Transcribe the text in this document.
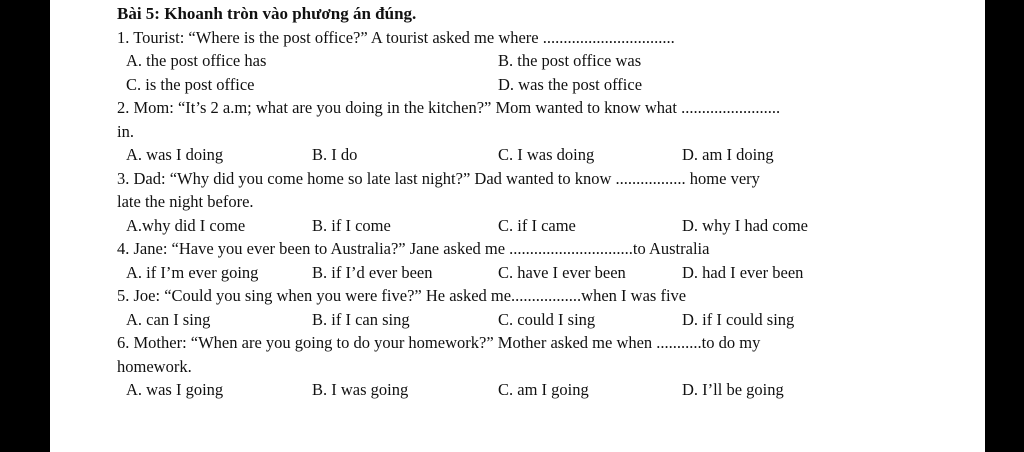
Bài 5: Khoanh tròn vào phương án đúng.
1. Tourist: “Where is the post office?” A tourist asked me where ................................
A. the post office has	B. the post office was
C. is the post office	D. was the post office
2. Mom: “It’s 2 a.m; what are you doing in the kitchen?” Mom wanted to know what ........................
in.
A. was I doing	B. I do	C. I was doing	D. am I doing
3. Dad: “Why did you come home so late last night?” Dad wanted to know ................. home very
late the night before.
A.why did I come	B. if I come	C. if I came	D. why I had come
4. Jane: “Have you ever been to Australia?” Jane asked me ..............................to Australia
A. if I’m ever going	B. if I’d ever been	C. have I ever been	D. had I ever been
5. Joe: “Could you sing when you were five?” He asked me.................when I was five
A. can I sing	B. if I can sing	C. could I sing	D. if I could sing
6. Mother: “When are you going to do your homework?” Mother asked me when ...........to do my
homework.
A. was I going	B. I was going	C. am I going	D. I’ll be going
